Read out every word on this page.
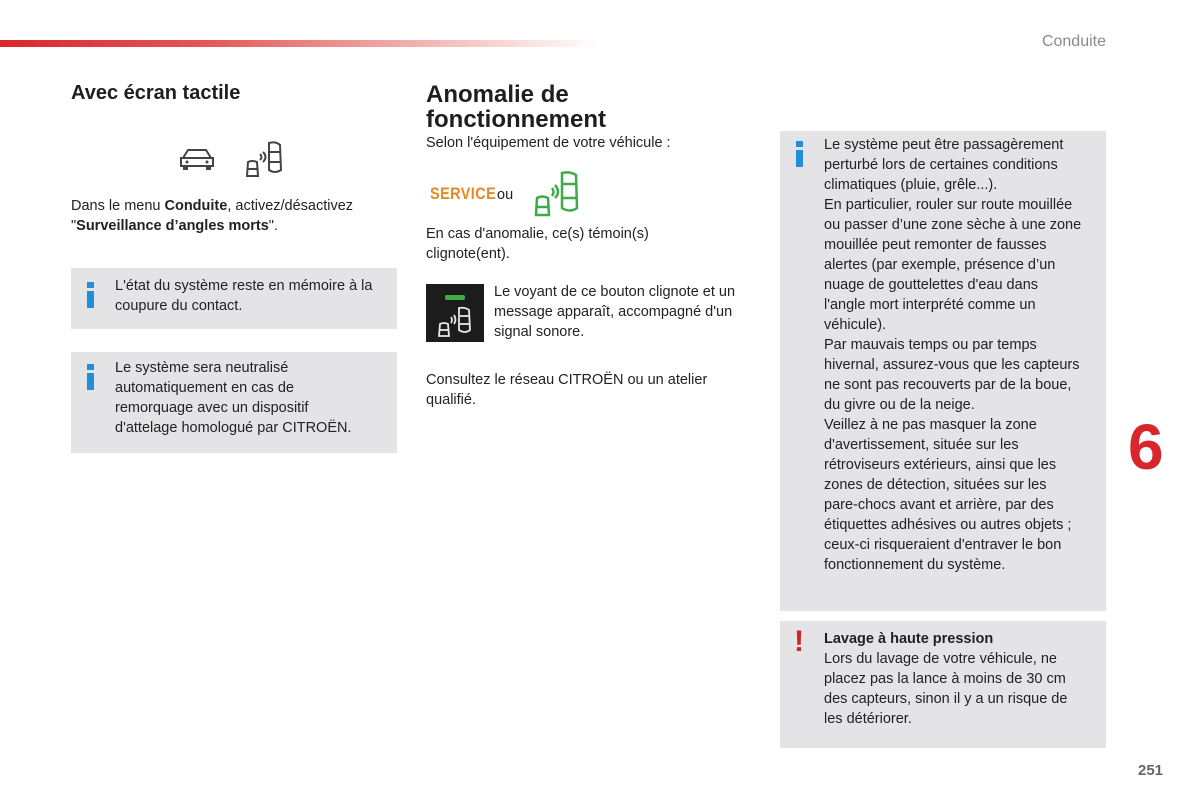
Conduite
Avec écran tactile

Dans le menu Conduite, activez/désactivez
"Surveillance d’angles morts".

L'état du système reste en mémoire à la
coupure du contact.

Le système sera neutralisé
automatiquement en cas de
remorquage avec un dispositif
d'attelage homologué par CITROËN.

Anomalie de
fonctionnement

Selon l'équipement de votre véhicule :

SERVICE ou

En cas d'anomalie, ce(s) témoin(s)
clignote(ent).

Le voyant de ce bouton clignote et un
message apparaît, accompagné d'un
signal sonore.

Consultez le réseau CITROËN ou un atelier
qualifié.

Le système peut être passagèrement
perturbé lors de certaines conditions
climatiques (pluie, grêle...).
En particulier, rouler sur route mouillée
ou passer d’une zone sèche à une zone
mouillée peut remonter de fausses
alertes (par exemple, présence d’un
nuage de gouttelettes d'eau dans
l'angle mort interprété comme un
véhicule).
Par mauvais temps ou par temps
hivernal, assurez-vous que les capteurs
ne sont pas recouverts par de la boue,
du givre ou de la neige.
Veillez à ne pas masquer la zone
d'avertissement, située sur les
rétroviseurs extérieurs, ainsi que les
zones de détection, situées sur les
pare-chocs avant et arrière, par des
étiquettes adhésives ou autres objets ;
ceux-ci risqueraient d'entraver le bon
fonctionnement du système.

! Lavage à haute pression
Lors du lavage de votre véhicule, ne
placez pas la lance à moins de 30 cm
des capteurs, sinon il y a un risque de
les détériorer.

6
251
